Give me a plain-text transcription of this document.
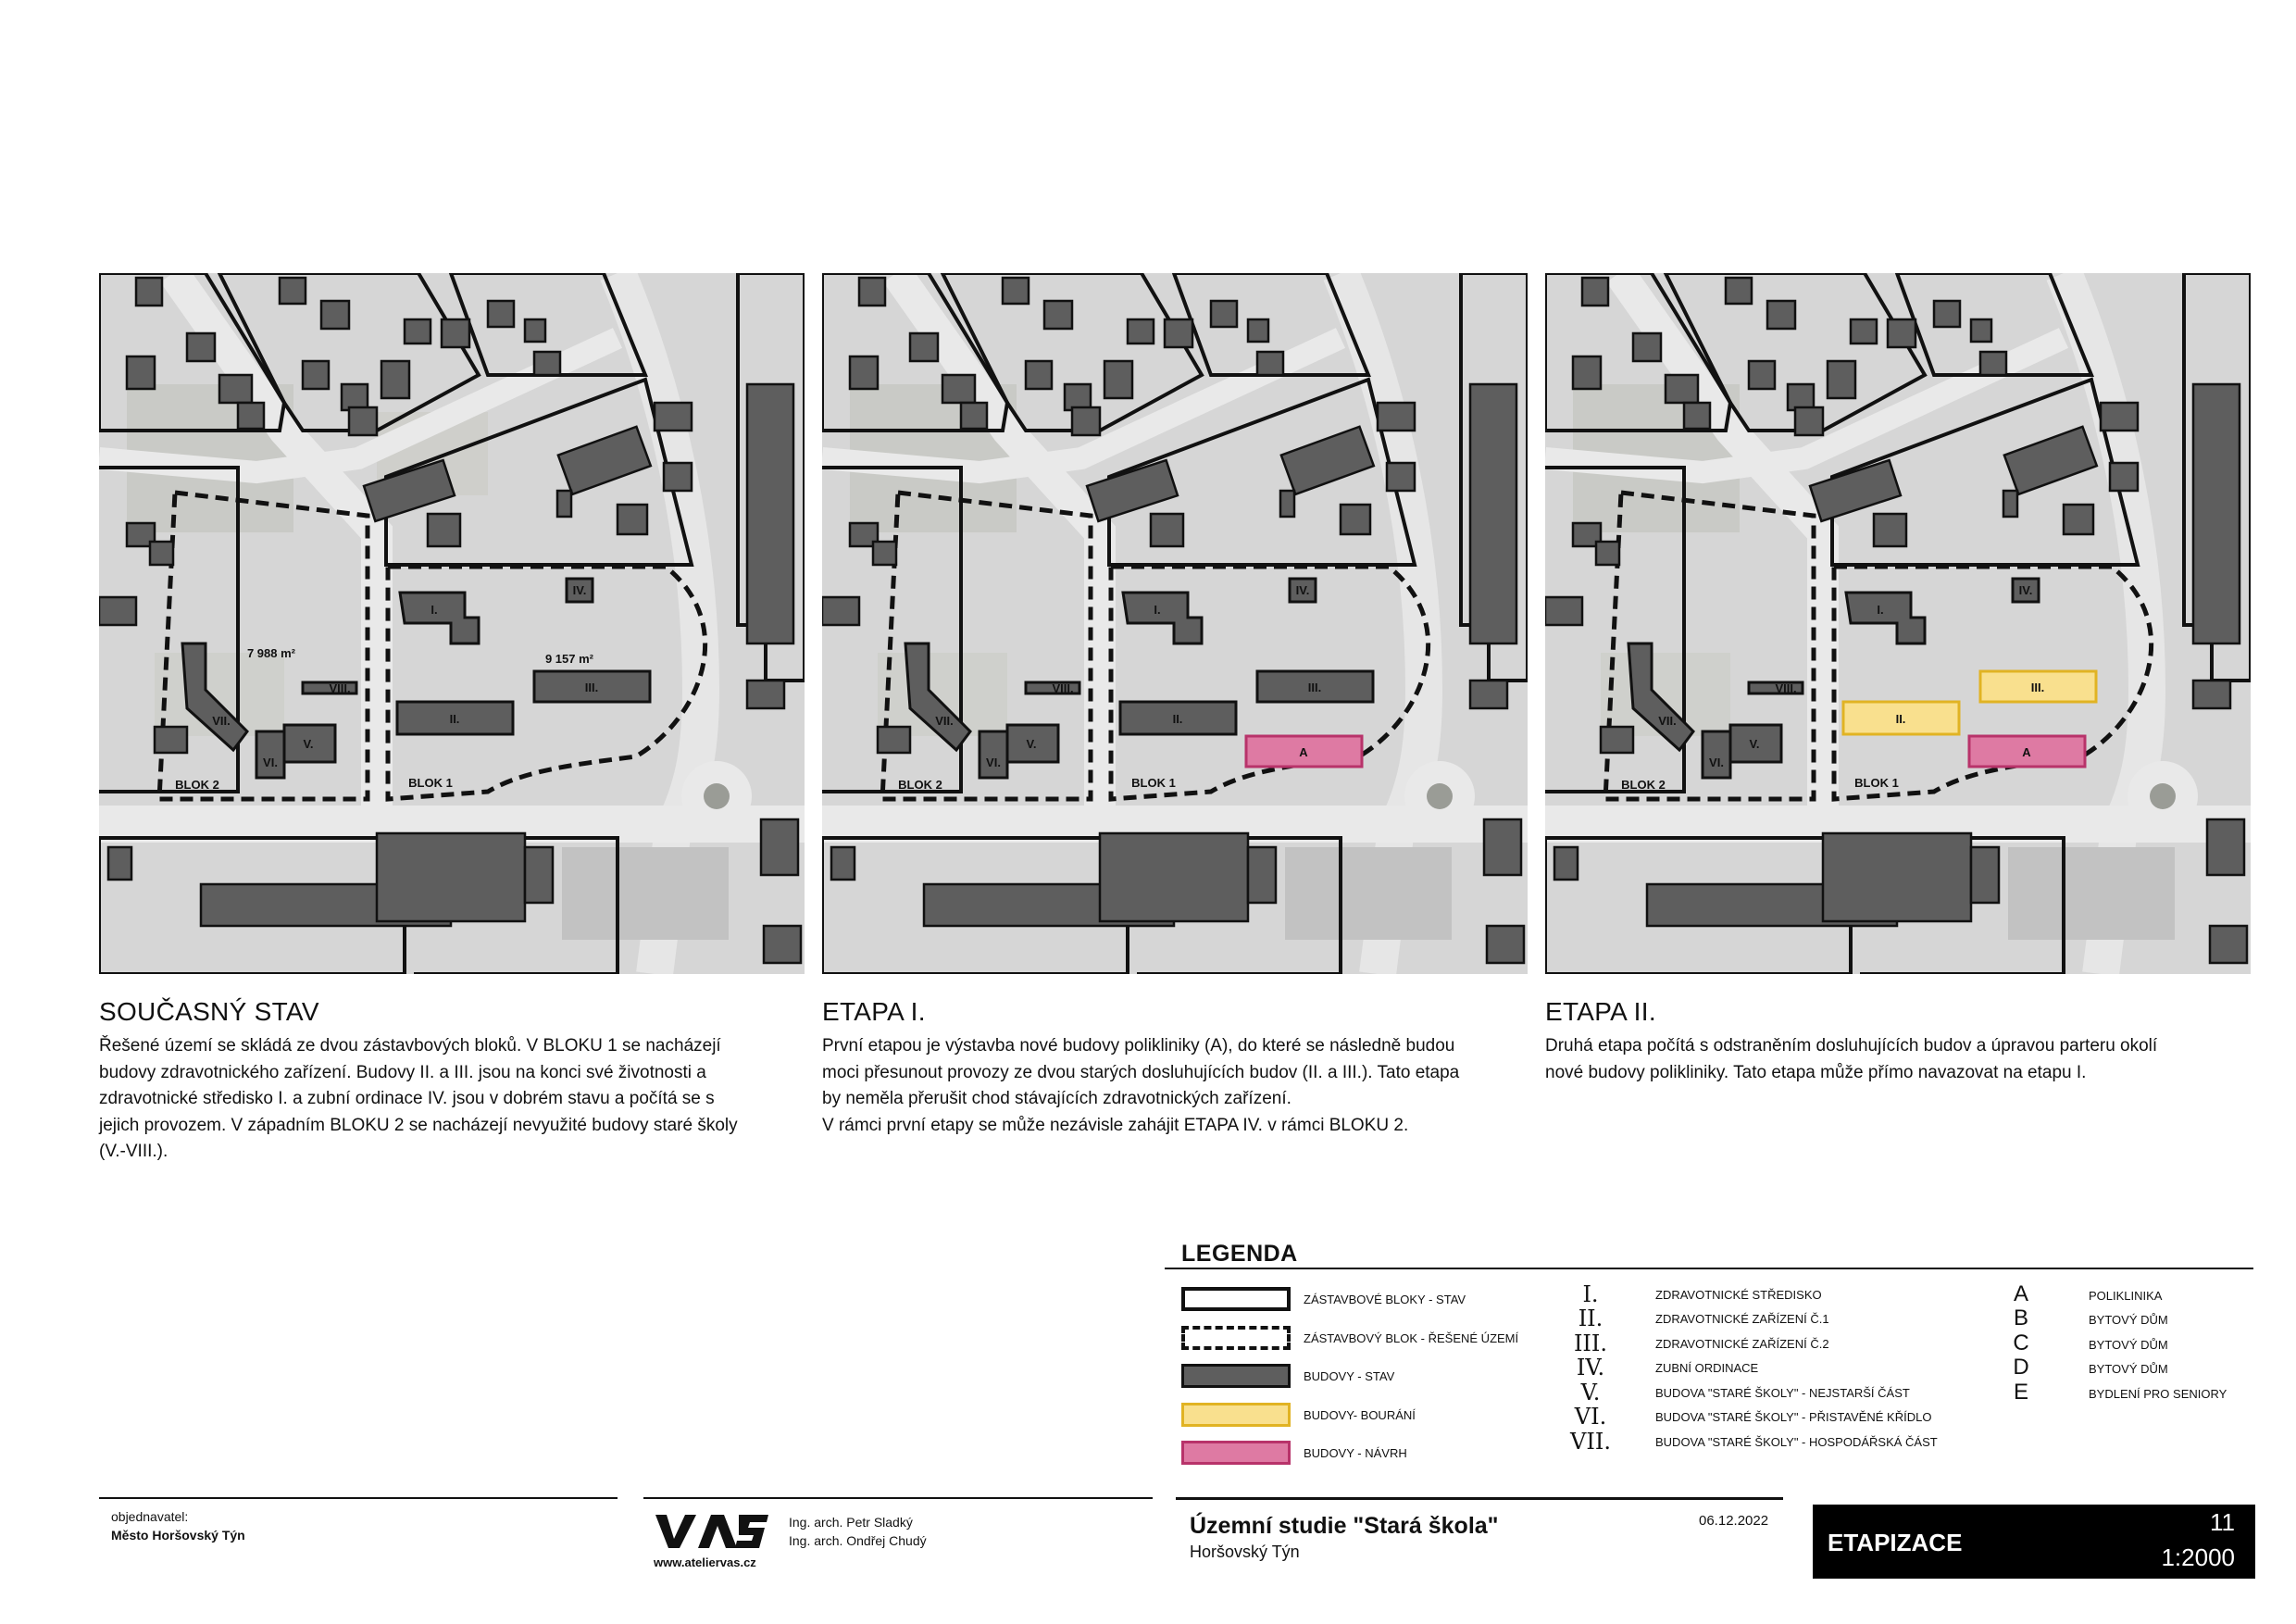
I.
IV.
II.
III.
VII.
VI.
V.
VIII.
BLOK 2	BLOK 1
7 988 m²	9 157 m²
I.
IV.
II.
III.
A
VII.
VI.
V.
VIII.
BLOK 2	BLOK 1
I.
IV.
II.
III.
A
VII.
VI.
V.
VIII.
BLOK 2	BLOK 1
SOUČASNÝ STAV
Řešené území se skládá ze dvou zástavbových bloků. V BLOKU 1 se nacházejí
budovy zdravotnického zařízení. Budovy II. a III. jsou na konci své životnosti a
zdravotnické středisko I. a zubní ordinace IV. jsou v dobrém stavu a počítá se s
jejich provozem. V západním BLOKU 2 se nacházejí nevyužité budovy staré školy
(V.-VIII.).
ETAPA I.
První etapou je výstavba nové budovy polikliniky (A), do které se následně budou
moci přesunout provozy ze dvou starých dosluhujících budov (II. a III.). Tato etapa
by neměla přerušit chod stávajících zdravotnických zařízení.
V rámci první etapy se může nezávisle zahájit ETAPA IV. v rámci BLOKU 2.
ETAPA II.
Druhá etapa počítá s odstraněním dosluhujících budov a úpravou parteru okolí
nové budovy polikliniky. Tato etapa může přímo navazovat na etapu I.
LEGENDA
ZÁSTAVBOVÉ BLOKY - STAV
ZÁSTAVBOVÝ BLOK - ŘEŠENÉ ÚZEMÍ
BUDOVY - STAV
BUDOVY- BOURÁNÍ
BUDOVY - NÁVRH
I.	ZDRAVOTNICKÉ STŘEDISKO
II.	ZDRAVOTNICKÉ ZAŘÍZENÍ Č.1
III.	ZDRAVOTNICKÉ ZAŘÍZENÍ Č.2
IV.	ZUBNÍ ORDINACE
V.	BUDOVA "STARÉ ŠKOLY" - NEJSTARŠÍ ČÁST
VI.	BUDOVA "STARÉ ŠKOLY" - PŘISTAVĚNÉ KŘÍDLO
VII.	BUDOVA "STARÉ ŠKOLY" - HOSPODÁŘSKÁ ČÁST
A	POLIKLINIKA
B	BYTOVÝ DŮM
C	BYTOVÝ DŮM
D	BYTOVÝ DŮM
E	BYDLENÍ PRO SENIORY
objednavatel:
Město Horšovský Týn
www.ateliervas.cz
Ing. arch. Petr Sladký
Ing. arch. Ondřej Chudý
Územní studie "Stará škola"
Horšovský Týn
06.12.2022
ETAPIZACE
11
1:2000
